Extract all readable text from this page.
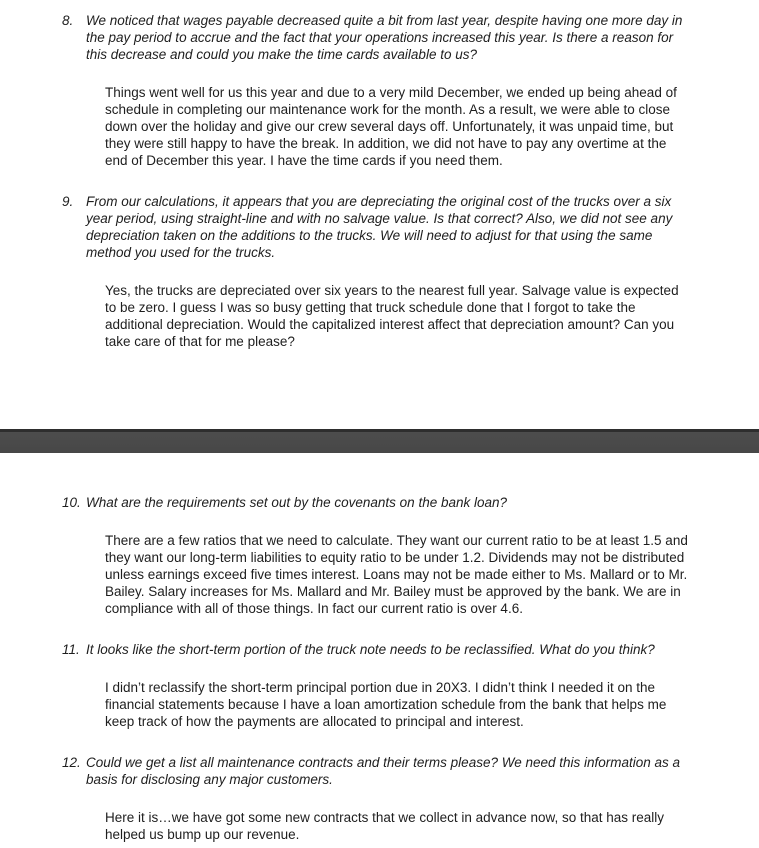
8. We noticed that wages payable decreased quite a bit from last year, despite having one more day in the pay period to accrue and the fact that your operations increased this year. Is there a reason for this decrease and could you make the time cards available to us?
Things went well for us this year and due to a very mild December, we ended up being ahead of schedule in completing our maintenance work for the month. As a result, we were able to close down over the holiday and give our crew several days off. Unfortunately, it was unpaid time, but they were still happy to have the break. In addition, we did not have to pay any overtime at the end of December this year. I have the time cards if you need them.
9. From our calculations, it appears that you are depreciating the original cost of the trucks over a six year period, using straight-line and with no salvage value. Is that correct? Also, we did not see any depreciation taken on the additions to the trucks. We will need to adjust for that using the same method you used for the trucks.
Yes, the trucks are depreciated over six years to the nearest full year. Salvage value is expected to be zero. I guess I was so busy getting that truck schedule done that I forgot to take the additional depreciation. Would the capitalized interest affect that depreciation amount? Can you take care of that for me please?
10. What are the requirements set out by the covenants on the bank loan?
There are a few ratios that we need to calculate. They want our current ratio to be at least 1.5 and they want our long-term liabilities to equity ratio to be under 1.2. Dividends may not be distributed unless earnings exceed five times interest. Loans may not be made either to Ms. Mallard or to Mr. Bailey. Salary increases for Ms. Mallard and Mr. Bailey must be approved by the bank. We are in compliance with all of those things. In fact our current ratio is over 4.6.
11. It looks like the short-term portion of the truck note needs to be reclassified. What do you think?
I didn’t reclassify the short-term principal portion due in 20X3. I didn’t think I needed it on the financial statements because I have a loan amortization schedule from the bank that helps me keep track of how the payments are allocated to principal and interest.
12. Could we get a list all maintenance contracts and their terms please? We need this information as a basis for disclosing any major customers.
Here it is…we have got some new contracts that we collect in advance now, so that has really helped us bump up our revenue.
